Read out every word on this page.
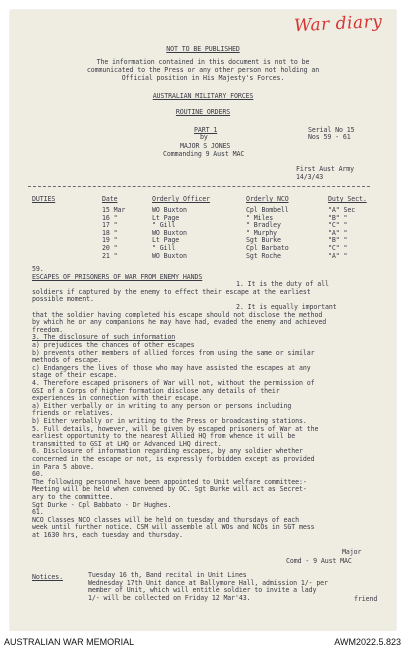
War diary
NOT TO BE PUBLISHED
The information contained in this document is not to be
communicated to the Press or any other person not holding an
Official position in His Majesty's Forces.
AUSTRALIAN MILITARY FORCES
ROUTINE ORDERS
PART 1
by
Serial No 15
Nos 59 - 61
MAJOR S JONES
Commanding 9 Aust MAC
First Aust Army
14/3/43
DUTIES	Date	Orderly Officer	Orderly NCO	Duty Sect.
15 Mar	WO Buxton	Cpl Bombell	"A" Sec
16 "	Lt Page	" Miles	"B" "
17 "	" Gill	" Bradley	"C" "
18 "	WO Buxton	" Murphy	"A" "
19 "	Lt Page	Sgt Burke	"B" "
20 "	" Gill	Cpl Barbato	"C" "
21 "	WO Buxton	Sgt Roche	"A" "
59.
ESCAPES OF PRISONERS OF WAR FROM ENEMY HANDS
1. It is the duty of all
soldiers if captured by the enemy to effect their escape at the earliest
possible moment.
2. It is equally important
that the soldier having completed his escape should not disclose the method
by which he or any companions he may have had, evaded the enemy and achieved
freedom.
3. The disclosure of such information
a) prejudices the chances of other escapes
b) prevents other members of allied forces from using the same or similar
methods of escape.
c) Endangers the lives of those who may have assisted the escapes at any
stage of their escape.
4. Therefore escaped prisoners of War will not, without the permission of
GSI of a Corps of higher formation disclose any details of their
experiences in connection with their escape.
a) Either verbally or in writing to any person or persons including
friends or relatives.
b) Either verbally or in writing to the Press or broadcasting stations.
5. Full details, however, will be given by escaped prisoners of War at the
earliest opportunity to the nearest Allied HQ from whence it will be
transmitted to GSI at LHQ or Advanced LHQ direct.
6. Disclosure of information regarding escapes, by any soldier whether
concerned in the escape or not, is expressly forbidden except as provided
in Para 5 above.
60.
The following personnel have been appointed to Unit welfare committee:-
Meeting will be held when convened by OC. Sgt Burke will act as Secret-
ary to the committee.
Sgt Durke - Cpl Babbato - Dr Hughes.
61.
NCO Classes NCO classes will be held on tuesday and thursdays of each
week until further notice. CSM will assemble all WOs and NCOs in SGT mess
at 1630 hrs, each tuesday and thursday.
Major
Comd - 9 Aust MAC
Notices.	Tuesday 16 th, Band recital in Unit Lines
Wednesday 17th Unit dance at Ballymore Hall, admission 1/- per
member of Unit, which will entitle soldier to invite a lady
1/- will be collected on Friday 12 Mar'43.	friend
AUSTRALIAN WAR MEMORIAL	AWM2022.5.823
